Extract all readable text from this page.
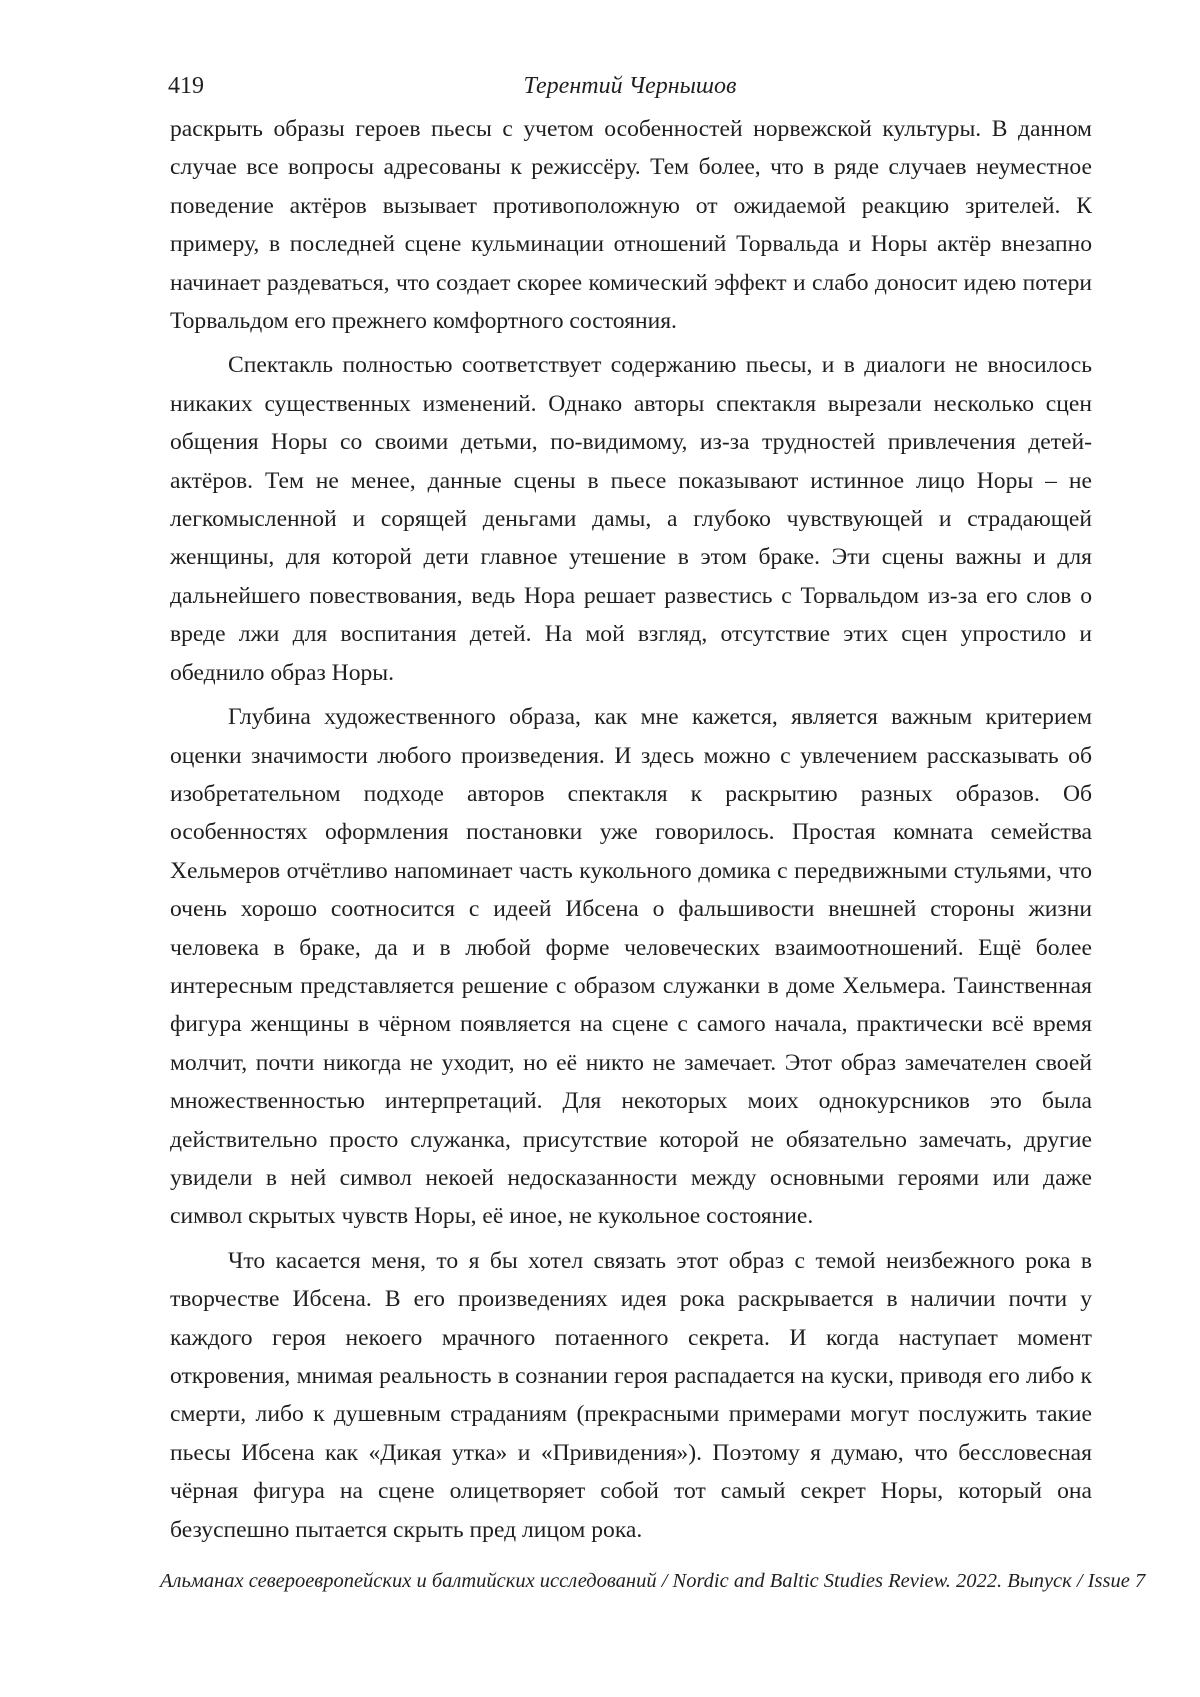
419	Терентий Чернышов

раскрыть образы героев пьесы с учетом особенностей норвежской культуры. В данном случае все вопросы адресованы к режиссёру. Тем более, что в ряде случаев неуместное поведение актёров вызывает противоположную от ожидаемой реакцию зрителей. К примеру, в последней сцене кульминации отношений Торвальда и Норы актёр внезапно начинает раздеваться, что создает скорее комический эффект и слабо доносит идею потери Торвальдом его прежнего комфортного состояния.

Спектакль полностью соответствует содержанию пьесы, и в диалоги не вносилось никаких существенных изменений. Однако авторы спектакля вырезали несколько сцен общения Норы со своими детьми, по-видимому, из-за трудностей привлечения детей-актёров. Тем не менее, данные сцены в пьесе показывают истинное лицо Норы – не легкомысленной и сорящей деньгами дамы, а глубоко чувствующей и страдающей женщины, для которой дети главное утешение в этом браке. Эти сцены важны и для дальнейшего повествования, ведь Нора решает развестись с Торвальдом из-за его слов о вреде лжи для воспитания детей. На мой взгляд, отсутствие этих сцен упростило и обеднило образ Норы.

Глубина художественного образа, как мне кажется, является важным критерием оценки значимости любого произведения. И здесь можно с увлечением рассказывать об изобретательном подходе авторов спектакля к раскрытию разных образов. Об особенностях оформления постановки уже говорилось. Простая комната семейства Хельмеров отчётливо напоминает часть кукольного домика с передвижными стульями, что очень хорошо соотносится с идеей Ибсена о фальшивости внешней стороны жизни человека в браке, да и в любой форме человеческих взаимоотношений. Ещё более интересным представляется решение с образом служанки в доме Хельмера. Таинственная фигура женщины в чёрном появляется на сцене с самого начала, практически всё время молчит, почти никогда не уходит, но её никто не замечает. Этот образ замечателен своей множественностью интерпретаций. Для некоторых моих однокурсников это была действительно просто служанка, присутствие которой не обязательно замечать, другие увидели в ней символ некоей недосказанности между основными героями или даже символ скрытых чувств Норы, её иное, не кукольное состояние.

Что касается меня, то я бы хотел связать этот образ с темой неизбежного рока в творчестве Ибсена. В его произведениях идея рока раскрывается в наличии почти у каждого героя некоего мрачного потаенного секрета. И когда наступает момент откровения, мнимая реальность в сознании героя распадается на куски, приводя его либо к смерти, либо к душевным страданиям (прекрасными примерами могут послужить такие пьесы Ибсена как «Дикая утка» и «Привидения»). Поэтому я думаю, что бессловесная чёрная фигура на сцене олицетворяет собой тот самый секрет Норы, который она безуспешно пытается скрыть пред лицом рока.

Альманах североевропейских и балтийских исследований / Nordic and Baltic Studies Review. 2022. Выпуск / Issue 7
